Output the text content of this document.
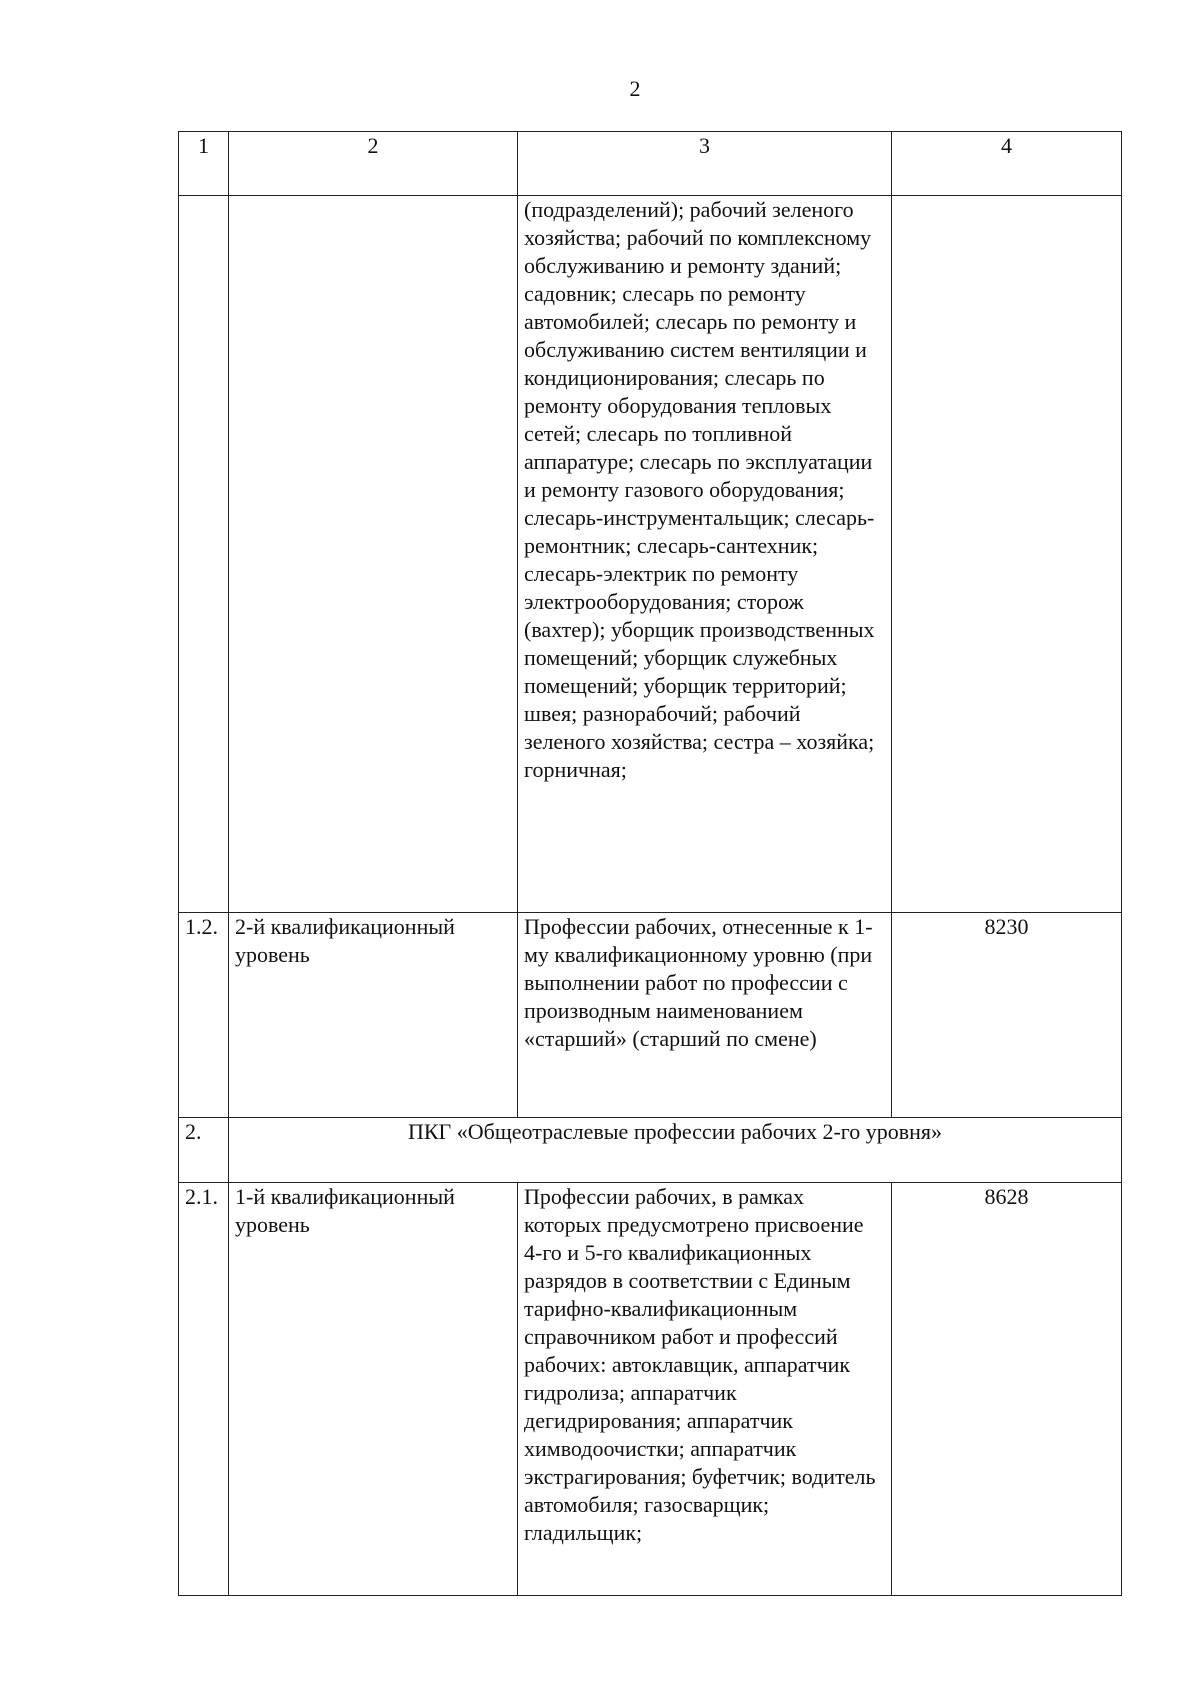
2
1	2	3	4
		(подразделений); рабочий зеленого хозяйства; рабочий по комплексному обслуживанию и ремонту зданий; садовник; слесарь по ремонту автомобилей; слесарь по ремонту и обслуживанию систем вентиляции и кондиционирования; слесарь по ремонту оборудования тепловых сетей; слесарь по топливной аппаратуре; слесарь по эксплуатации и ремонту газового оборудования; слесарь-инструментальщик; слесарь-ремонтник; слесарь-сантехник; слесарь-электрик по ремонту электрооборудования; сторож (вахтер); уборщик производственных помещений; уборщик служебных помещений; уборщик территорий; швея; разнорабочий; рабочий зеленого хозяйства; сестра – хозяйка; горничная;	
1.2.	2-й квалификационный уровень	Профессии рабочих, отнесенные к 1-му квалификационному уровню (при выполнении работ по профессии с производным наименованием «старший» (старший по смене)	8230
2.	ПКГ «Общеотраслевые профессии рабочих 2-го уровня»		
2.1.	1-й квалификационный уровень	Профессии рабочих, в рамках которых предусмотрено присвоение 4-го и 5-го квалификационных разрядов в соответствии с Единым тарифно-квалификационным справочником работ и профессий рабочих: автоклавщик, аппаратчик гидролиза; аппаратчик дегидрирования; аппаратчик химводоочистки; аппаратчик экстрагирования; буфетчик; водитель автомобиля; газосварщик; гладильщик;	8628
